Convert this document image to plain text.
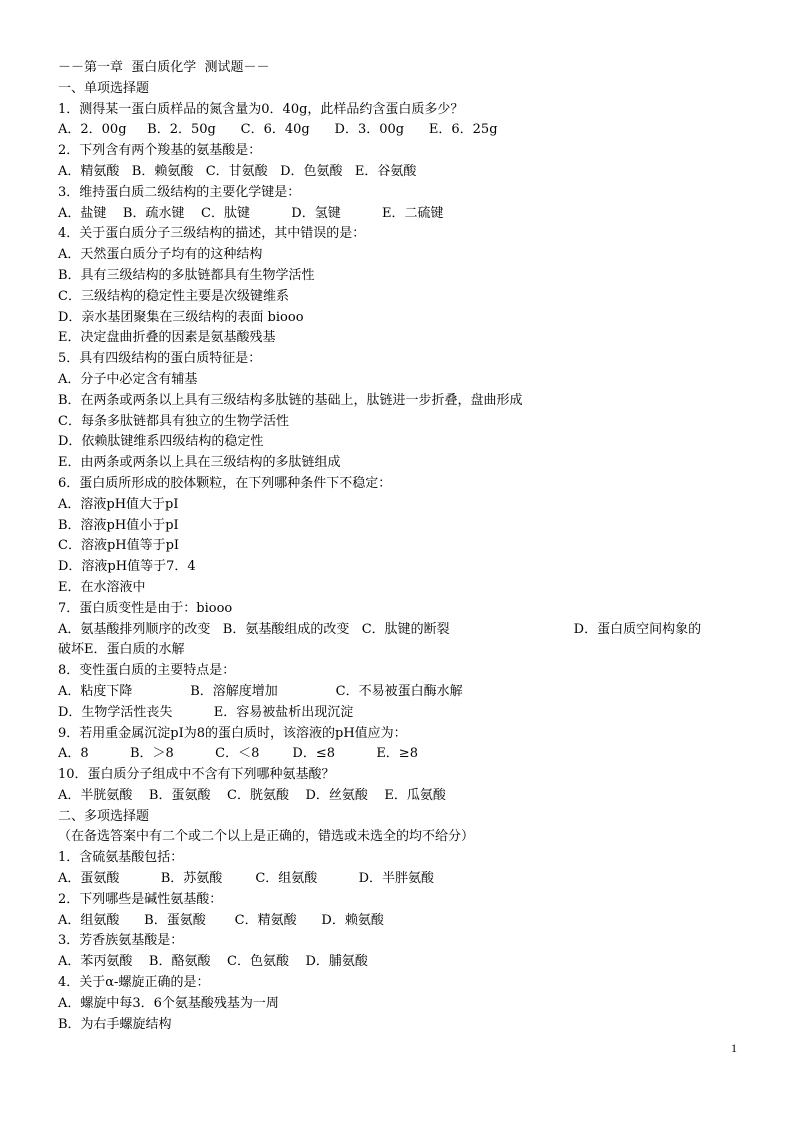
－－第一章  蛋白质化学  测试题－－
一、单项选择题
1．测得某一蛋白质样品的氮含量为0．40g，此样品约含蛋白质多少？
A．2．00g     B．2．50g      C．6．40g      D．3．00g      E．6．25g
2．下列含有两个羧基的氨基酸是：
A．精氨酸   B．赖氨酸   C．甘氨酸   D．色氨酸   E．谷氨酸
3．维持蛋白质二级结构的主要化学键是：
A．盐键    B．疏水键    C．肽键          D．氢键          E．二硫键
4．关于蛋白质分子三级结构的描述，其中错误的是：
A．天然蛋白质分子均有的这种结构
B．具有三级结构的多肽链都具有生物学活性
C．三级结构的稳定性主要是次级键维系
D．亲水基团聚集在三级结构的表面 biooo
E．决定盘曲折叠的因素是氨基酸残基
5．具有四级结构的蛋白质特征是：
A．分子中必定含有辅基
B．在两条或两条以上具有三级结构多肽链的基础上，肽链进一步折叠，盘曲形成
C．每条多肽链都具有独立的生物学活性
D．依赖肽键维系四级结构的稳定性
E．由两条或两条以上具在三级结构的多肽链组成
6．蛋白质所形成的胶体颗粒，在下列哪种条件下不稳定：
A．溶液pH值大于pI
B．溶液pH值小于pI
C．溶液pH值等于pI
D．溶液pH值等于7．4
E．在水溶液中
7．蛋白质变性是由于：biooo
A．氨基酸排列顺序的改变   B．氨基酸组成的改变   C．肽键的断裂                              D．蛋白质空间构象的
破坏E．蛋白质的水解
8．变性蛋白质的主要特点是：
A．粘度下降              B．溶解度增加              C．不易被蛋白酶水解
D．生物学活性丧失          E．容易被盐析出现沉淀
9．若用重金属沉淀pI为8的蛋白质时，该溶液的pH值应为：
A．8          B．＞8          C．＜8        D．≤8          E．≥8
10．蛋白质分子组成中不含有下列哪种氨基酸？
A．半胱氨酸    B．蛋氨酸    C．胱氨酸    D．丝氨酸    E．瓜氨酸
二、多项选择题
（在备选答案中有二个或二个以上是正确的，错选或未选全的均不给分）
1．含硫氨基酸包括：
A．蛋氨酸          B．苏氨酸        C．组氨酸          D．半胖氨酸
2．下列哪些是碱性氨基酸：
A．组氨酸      B．蛋氨酸       C．精氨酸      D．赖氨酸
3．芳香族氨基酸是：
A．苯丙氨酸    B．酪氨酸    C．色氨酸    D．脯氨酸
4．关于α-螺旋正确的是：
A．螺旋中每3．6个氨基酸残基为一周
B．为右手螺旋结构
1
